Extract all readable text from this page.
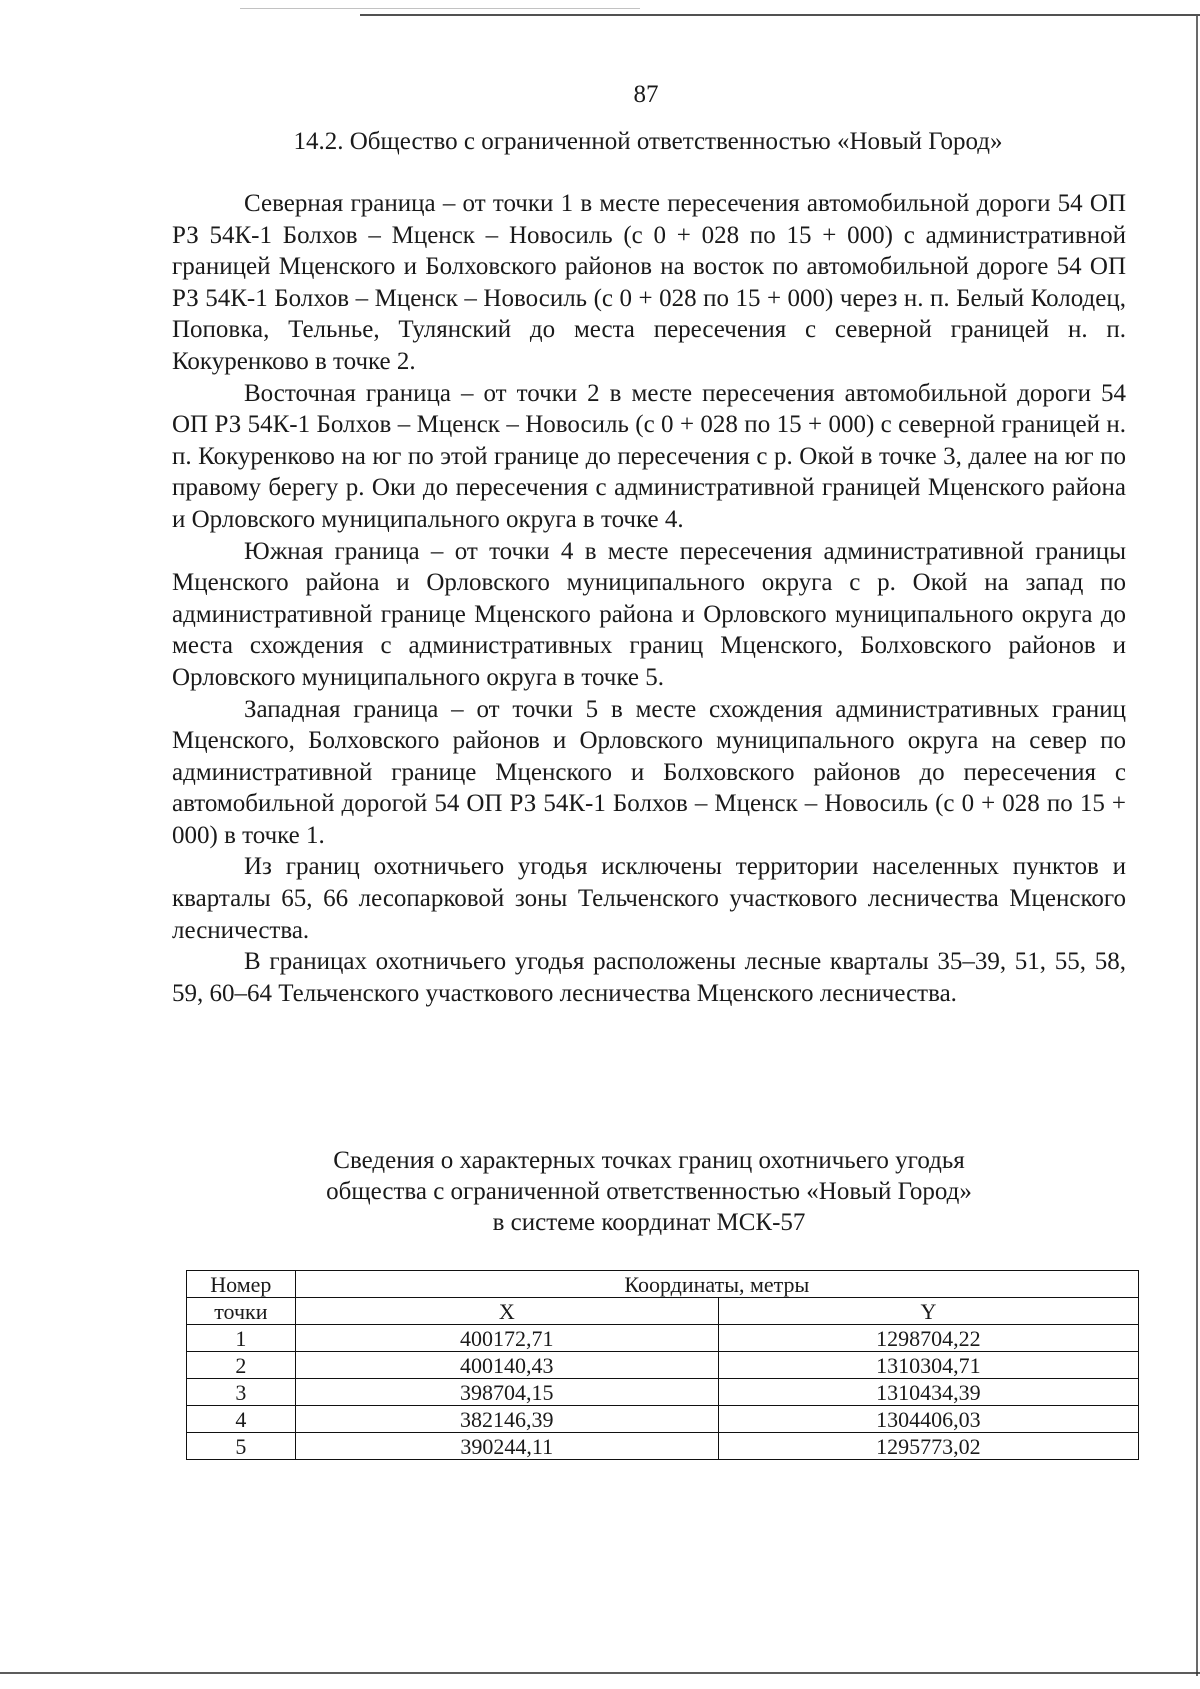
87
14.2. Общество с ограниченной ответственностью «Новый Город»

Северная граница – от точки 1 в месте пересечения автомобильной дороги 54 ОП РЗ 54К-1 Болхов – Мценск – Новосиль (с 0 + 028 по 15 + 000) с административной границей Мценского и Болховского районов на восток по автомобильной дороге 54 ОП РЗ 54К-1 Болхов – Мценск – Новосиль (с 0 + 028 по 15 + 000) через н. п. Белый Колодец, Поповка, Тельнье, Тулянский до места пересечения с северной границей н. п. Кокуренково в точке 2.

Восточная граница – от точки 2 в месте пересечения автомобильной дороги 54 ОП РЗ 54К-1 Болхов – Мценск – Новосиль (с 0 + 028 по 15 + 000) с северной границей н. п. Кокуренково на юг по этой границе до пересечения с р. Окой в точке 3, далее на юг по правому берегу р. Оки до пересечения с административной границей Мценского района и Орловского муниципального округа в точке 4.

Южная граница – от точки 4 в месте пересечения административной границы Мценского района и Орловского муниципального округа с р. Окой на запад по административной границе Мценского района и Орловского муниципального округа до места схождения с административных границ Мценского, Болховского районов и Орловского муниципального округа в точке 5.

Западная граница – от точки 5 в месте схождения административных границ Мценского, Болховского районов и Орловского муниципального округа на север по административной границе Мценского и Болховского районов до пересечения с автомобильной дорогой 54 ОП РЗ 54К-1 Болхов – Мценск – Новосиль (с 0 + 028 по 15 + 000) в точке 1.

Из границ охотничьего угодья исключены территории населенных пунктов и кварталы 65, 66 лесопарковой зоны Тельченского участкового лесничества Мценского лесничества.

В границах охотничьего угодья расположены лесные кварталы 35–39, 51, 55, 58, 59, 60–64 Тельченского участкового лесничества Мценского лесничества.

Сведения о характерных точках границ охотничьего угодья
общества с ограниченной ответственностью «Новый Город»
в системе координат МСК-57
Номер	Координаты, метры	
точки	X	Y
1	400172,71	1298704,22
2	400140,43	1310304,71
3	398704,15	1310434,39
4	382146,39	1304406,03
5	390244,11	1295773,02
